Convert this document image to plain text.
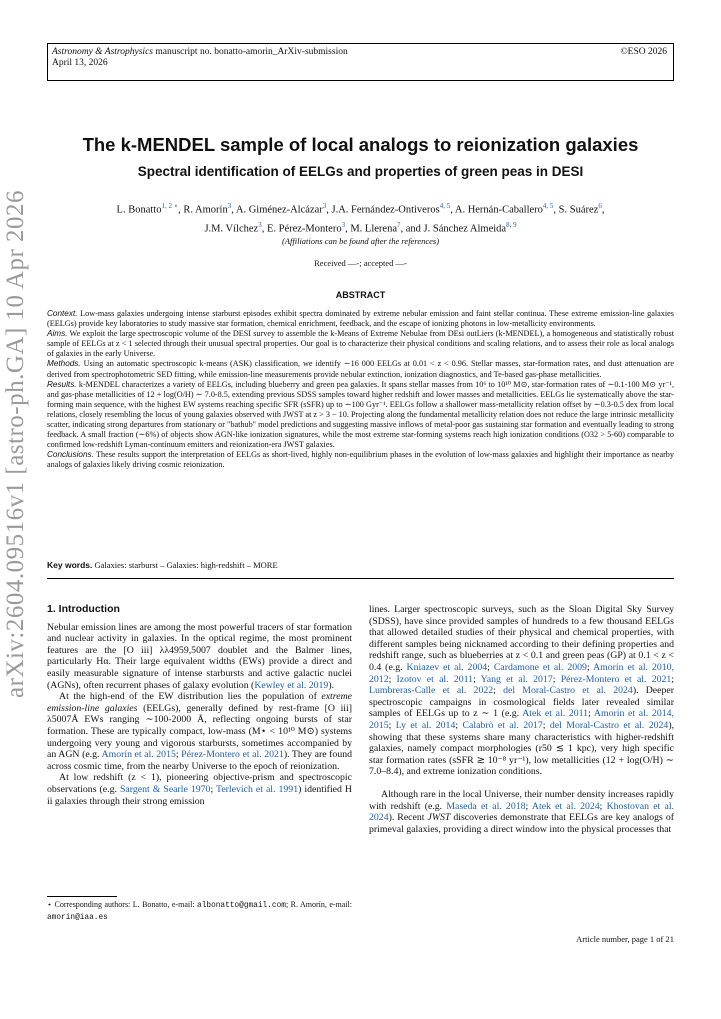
Astronomy & Astrophysics manuscript no. bonatto-amorin_ArXiv-submission
April 13, 2026
©ESO 2026
arXiv:2604.09516v1 [astro-ph.GA] 10 Apr 2026
The k-MENDEL sample of local analogs to reionization galaxies
Spectral identification of EELGs and properties of green peas in DESI
L. Bonatto$^{1, 2 ⋆}$, R. Amorín$^3$, A. Giménez-Alcázar$^3$, J.A. Fernández-Ontiveros$^{4, 5}$, A. Hernán-Caballero$^{4, 5}$, S. Suárez$^6$,
J.M. Vílchez$^3$, E. Pérez-Montero$^3$, M. Llerena$^7$, and J. Sánchez Almeida$^{8, 9}$
(Affiliations can be found after the references)
Received —-; accepted —-
ABSTRACT

Context. Low-mass galaxies undergoing intense starburst episodes exhibit spectra dominated by extreme nebular emission and faint stellar continua. These extreme emission-line galaxies (EELGs) provide key laboratories to study massive star formation, chemical enrichment, feedback, and the escape of ionizing photons in low-metallicity environments.

Aims. We exploit the large spectroscopic volume of the DESI survey to assemble the k-Means of Extreme Nebulae from DEsi outLiers (k-MENDEL), a homogeneous and statistically robust sample of EELGs at z < 1 selected through their unusual spectral properties. Our goal is to characterize their physical conditions and scaling relations, and to assess their role as local analogs of galaxies in the early Universe.

Methods. Using an automatic spectroscopic k-means (ASK) classification, we identify ∼16 000 EELGs at 0.01 < z < 0.96. Stellar masses, star-formation rates, and dust attenuation are derived from spectrophotometric SED fitting, while emission-line measurements provide nebular extinction, ionization diagnostics, and Te-based gas-phase metallicities.

Results. k-MENDEL characterizes a variety of EELGs, including blueberry and green pea galaxies. It spans stellar masses from 10⁶ to 10¹⁰ M⊙, star-formation rates of ∼0.1-100 M⊙ yr⁻¹, and gas-phase metallicities of 12 + log(O/H) ∼ 7.0-8.5, extending previous SDSS samples toward higher redshift and lower masses and metallicities. EELGs lie systematically above the star-forming main sequence, with the highest EW systems reaching specific SFR (sSFR) up to ∼100 Gyr⁻¹. EELGs follow a shallower mass-metallicity relation offset by ∼0.3-0.5 dex from local relations, closely resembling the locus of young galaxies observed with JWST at z > 3 − 10. Projecting along the fundamental metallicity relation does not reduce the large intrinsic metallicity scatter, indicating strong departures from stationary or "bathub" model predictions and suggesting massive inflows of metal-poor gas sustaining star formation and eventually leading to strong feedback. A small fraction (∼6%) of objects show AGN-like ionization signatures, while the most extreme star-forming systems reach high ionization conditions (O32 > 5-60) comparable to confirmed low-redshift Lyman-continuum emitters and reionization-era JWST galaxies.

Conclusions. These results support the interpretation of EELGs as short-lived, highly non-equilibrium phases in the evolution of low-mass galaxies and highlight their importance as nearby analogs of galaxies likely driving cosmic reionization.

Key words. Galaxies: starburst – Galaxies: high-redshift – MORE
1. Introduction

Nebular emission lines are among the most powerful tracers of star formation and nuclear activity in galaxies. In the optical regime, the most prominent features are the [O iii] λλ4959,5007 doublet and the Balmer lines, particularly Hα. Their large equivalent widths (EWs) provide a direct and easily measurable signature of intense starbursts and active galactic nuclei (AGNs), often recurrent phases of galaxy evolution (Kewley et al. 2019).

At the high-end of the EW distribution lies the population of extreme emission-line galaxies (EELGs), generally defined by rest-frame [O iii] λ5007Å EWs ranging ∼100-2000 Å, reflecting ongoing bursts of star formation. These are typically compact, low-mass (M⋆ < 10¹⁰ M⊙) systems undergoing very young and vigorous starbursts, sometimes accompanied by an AGN (e.g. Amorín et al. 2015; Pérez-Montero et al. 2021). They are found across cosmic time, from the nearby Universe to the epoch of reionization.

At low redshift (z < 1), pioneering objective-prism and spectroscopic observations (e.g. Sargent & Searle 1970; Terlevich et al. 1991) identified H ii galaxies through their strong emission

⋆ Corresponding authors: L. Bonatto, e-mail: albonatto@gmail.com; R. Amorín, e-mail: amorin@iaa.es

lines. Larger spectroscopic surveys, such as the Sloan Digital Sky Survey (SDSS), have since provided samples of hundreds to a few thousand EELGs that allowed detailed studies of their physical and chemical properties, with different samples being nicknamed according to their defining properties and redshift range, such as blueberries at z < 0.1 and green peas (GP) at 0.1 < z < 0.4 (e.g. Kniazev et al. 2004; Cardamone et al. 2009; Amorín et al. 2010, 2012; Izotov et al. 2011; Yang et al. 2017; Pérez-Montero et al. 2021; Lumbreras-Calle et al. 2022; del Moral-Castro et al. 2024). Deeper spectroscopic campaigns in cosmological fields later revealed similar samples of EELGs up to z ∼ 1 (e.g. Atek et al. 2011; Amorín et al. 2014, 2015; Ly et al. 2014; Calabrò et al. 2017; del Moral-Castro et al. 2024), showing that these systems share many characteristics with higher-redshift galaxies, namely compact morphologies (r50 ≲ 1 kpc), very high specific star formation rates (sSFR ≳ 10⁻⁸ yr⁻¹), low metallicities (12 + log(O/H) ∼ 7.0–8.4), and extreme ionization conditions.

Although rare in the local Universe, their number density increases rapidly with redshift (e.g. Maseda et al. 2018; Atek et al. 2024; Khostovan et al. 2024). Recent JWST discoveries demonstrate that EELGs are key analogs of primeval galaxies, providing a direct window into the physical processes that

Article number, page 1 of 21
